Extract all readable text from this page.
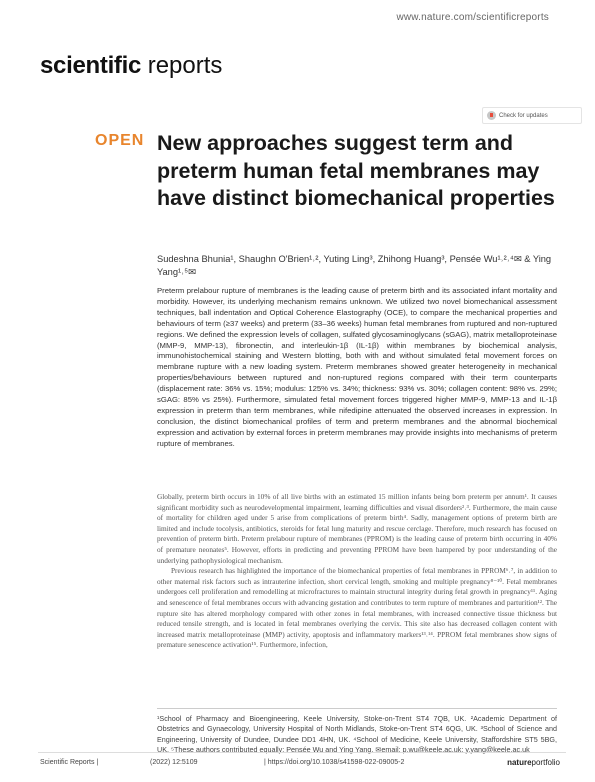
www.nature.com/scientificreports
scientific reports
Check for updates
OPEN New approaches suggest term and preterm human fetal membranes may have distinct biomechanical properties
Sudeshna Bhunia¹, Shaughn O'Brien¹˒², Yuting Ling³, Zhihong Huang³, Pensée Wu¹˒²˒⁴✉ & Ying Yang¹˒⁵✉
Preterm prelabour rupture of membranes is the leading cause of preterm birth and its associated infant mortality and morbidity. However, its underlying mechanism remains unknown. We utilized two novel biomechanical assessment techniques, ball indentation and Optical Coherence Elastography (OCE), to compare the mechanical properties and behaviours of term (≥37 weeks) and preterm (33–36 weeks) human fetal membranes from ruptured and non-ruptured regions. We defined the expression levels of collagen, sulfated glycosaminoglycans (sGAG), matrix metalloproteinase (MMP-9, MMP-13), fibronectin, and interleukin-1β (IL-1β) within membranes by biochemical analysis, immunohistochemical staining and Western blotting, both with and without simulated fetal movement forces on membrane rupture with a new loading system. Preterm membranes showed greater heterogeneity in mechanical properties/behaviours between ruptured and non-ruptured regions compared with their term counterparts (displacement rate: 36% vs. 15%; modulus: 125% vs. 34%; thickness: 93% vs. 30%; collagen content: 98% vs. 29%; sGAG: 85% vs 25%). Furthermore, simulated fetal movement forces triggered higher MMP-9, MMP-13 and IL-1β expression in preterm than term membranes, while nifedipine attenuated the observed increases in expression. In conclusion, the distinct biomechanical profiles of term and preterm membranes and the abnormal biochemical expression and activation by external forces in preterm membranes may provide insights into mechanisms of preterm rupture of membranes.

Globally, preterm birth occurs in 10% of all live births with an estimated 15 million infants being born preterm per annum¹. It causes significant morbidity such as neurodevelopmental impairment, learning difficulties and visual disorders²˒³. Furthermore, the main cause of mortality for children aged under 5 arise from complications of preterm birth⁴. Sadly, management options of preterm birth are limited and include tocolysis, antibiotics, steroids for fetal lung maturity and rescue cerclage. Therefore, much research has focused on prevention of preterm birth. Preterm prelabour rupture of membranes (PPROM) is the leading cause of preterm birth occurring in 40% of premature neonates⁵. However, efforts in predicting and preventing PPROM have been hampered by poor understanding of the underlying pathophysiological mechanism.

Previous research has highlighted the importance of the biomechanical properties of fetal membranes in PPROM⁶˒⁷, in addition to other maternal risk factors such as intrauterine infection, short cervical length, smoking and multiple pregnancy⁸⁻¹⁰. Fetal membranes undergoes cell proliferation and remodelling at microfractures to maintain structural integrity during fetal growth in pregnancy¹¹. Aging and senescence of fetal membranes occurs with advancing gestation and contributes to term rupture of membranes and parturition¹². The rupture site has altered morphology compared with other zones in fetal membranes, with increased connective tissue thickness but reduced tensile strength, and is located in fetal membranes overlying the cervix. This site also has decreased collagen content with increased matrix metalloproteinase (MMP) activity, apoptosis and inflammatory markers¹³˒¹⁴. PPROM fetal membranes show signs of premature senescence activation¹⁵. Furthermore, infection,

¹School of Pharmacy and Bioengineering, Keele University, Stoke-on-Trent ST4 7QB, UK. ²Academic Department of Obstetrics and Gynaecology, University Hospital of North Midlands, Stoke-on-Trent ST4 6QG, UK. ³School of Science and Engineering, University of Dundee, Dundee DD1 4HN, UK. ⁴School of Medicine, Keele University, Staffordshire ST5 5BG, UK. ⁵These authors contributed equally: Pensée Wu and Ying Yang. ✉email: p.wu@keele.ac.uk; y.yang@keele.ac.uk
Scientific Reports |	(2022) 12:5109	| https://doi.org/10.1038/s41598-022-09005-2	natureportfolio
